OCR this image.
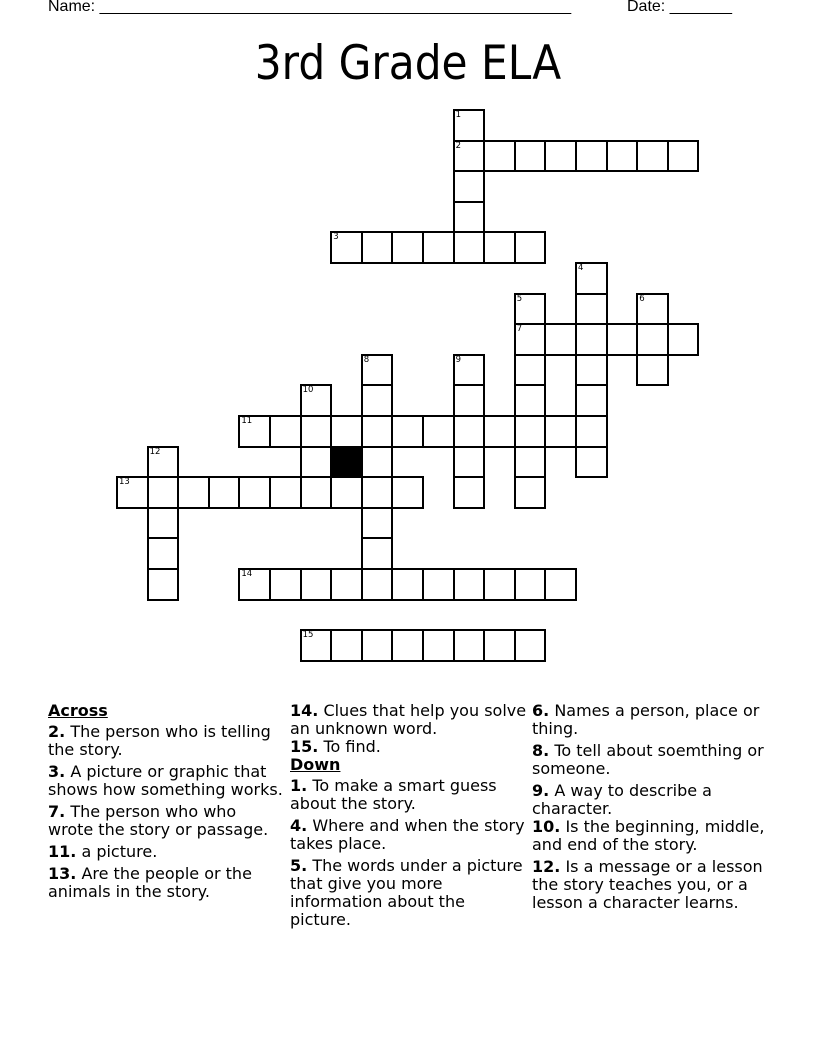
Name: _____________________________________________________	Date: _______
3rd Grade ELA
1
2
3
4
5
7
6
8	9
10
11
12
13
14
15
Across
2. The person who is telling the story.
3. A picture or graphic that shows how something works.
7. The person who who wrote the story or passage.
11. a picture.
13. Are the people or the animals in the story.
14. Clues that help you solve an unknown word.
15. To find.
Down
1. To make a smart guess about the story.
4. Where and when the story takes place.
5. The words under a picture that give you more information about the picture.
6. Names a person, place or thing.
8. To tell about soemthing or someone.
9. A way to describe a character.
10. Is the beginning, middle, and end of the story.
12. Is a message or a lesson the story teaches you, or a lesson a character learns.
